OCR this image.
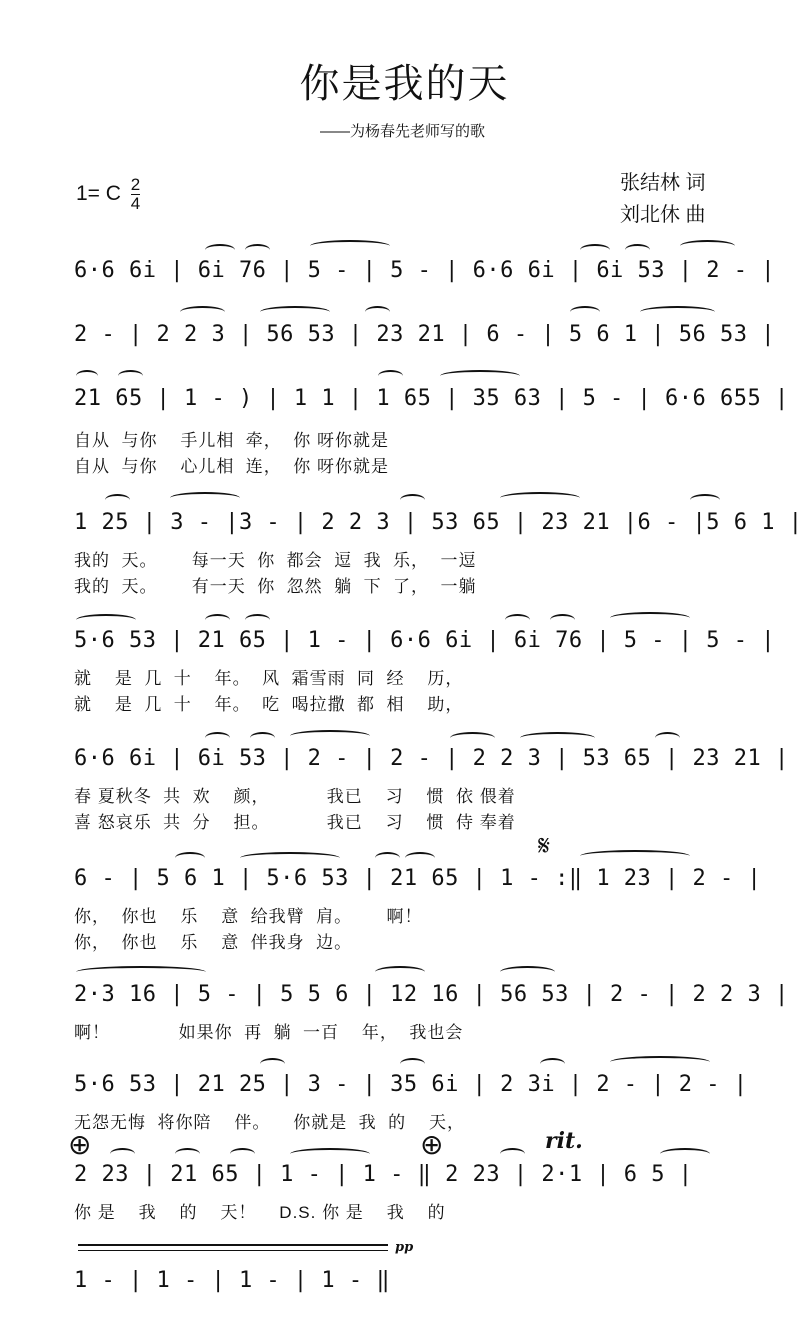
你是我的天
——为杨春先老师写的歌
1= C $\frac{2}{4}$	张结林 词
刘北休 曲
6·6 6i | 6i 76 | 5 - | 5 - | 6·6 6i | 6i 53 | 2 - |
2 - | 2 2 3 | 56 53 | 23 21 | 6 - | 5 6 1 | 56 53 |
21 65 | 1 - ) | 1 1 | 1 65 | 35 63 | 5 - | 6·6 655 |
自从  与你    手儿相  牵，  你 呀你就是
自从  与你    心儿相  连，  你 呀你就是
1 25 | 3 - |3 - | 2 2 3 | 53 65 | 23 21 |6 - |5 6 1 |
我的  天。      每一天  你  都会  逗  我  乐，  一逗
我的  天。      有一天  你  忽然  躺  下  了，  一躺
5·6 53 | 21 65 | 1 - | 6·6 6i | 6i 76 | 5 - | 5 - |
就    是  几  十    年。  风  霜雪雨  同  经    历，
就    是  几  十    年。  吃  喝拉撒  都  相    助，
6·6 6i | 6i 53 | 2 - | 2 - | 2 2 3 | 53 65 | 23 21 |
春 夏秋冬  共  欢    颜，          我已    习    惯  依 偎着
喜 怒哀乐  共  分    担。          我已    习    惯  侍 奉着
𝄋
6 - | 5 6 1 | 5·6 53 | 21 65 | 1 - :‖ 1 23 | 2 - |
你，  你也    乐    意  给我臂  肩。      啊！
你，  你也    乐    意  伴我身  边。
2·3 16 | 5 - | 5 5 6 | 12 16 | 56 53 | 2 - | 2 2 3 |
啊！            如果你  再  躺  一百    年，  我也会
5·6 53 | 21 25 | 3 - | 35 6i | 2 3i | 2 - | 2 - |
无怨无悔  将你陪    伴。    你就是  我  的    天，
⊕	⊕	rit.
2 23 | 21 65 | 1 - | 1 - ‖ 2 23 | 2·1 | 6 5 |
你 是    我    的    天！    D.S. 你 是    我    的
pp
1 - | 1 - | 1 - | 1 - ‖
